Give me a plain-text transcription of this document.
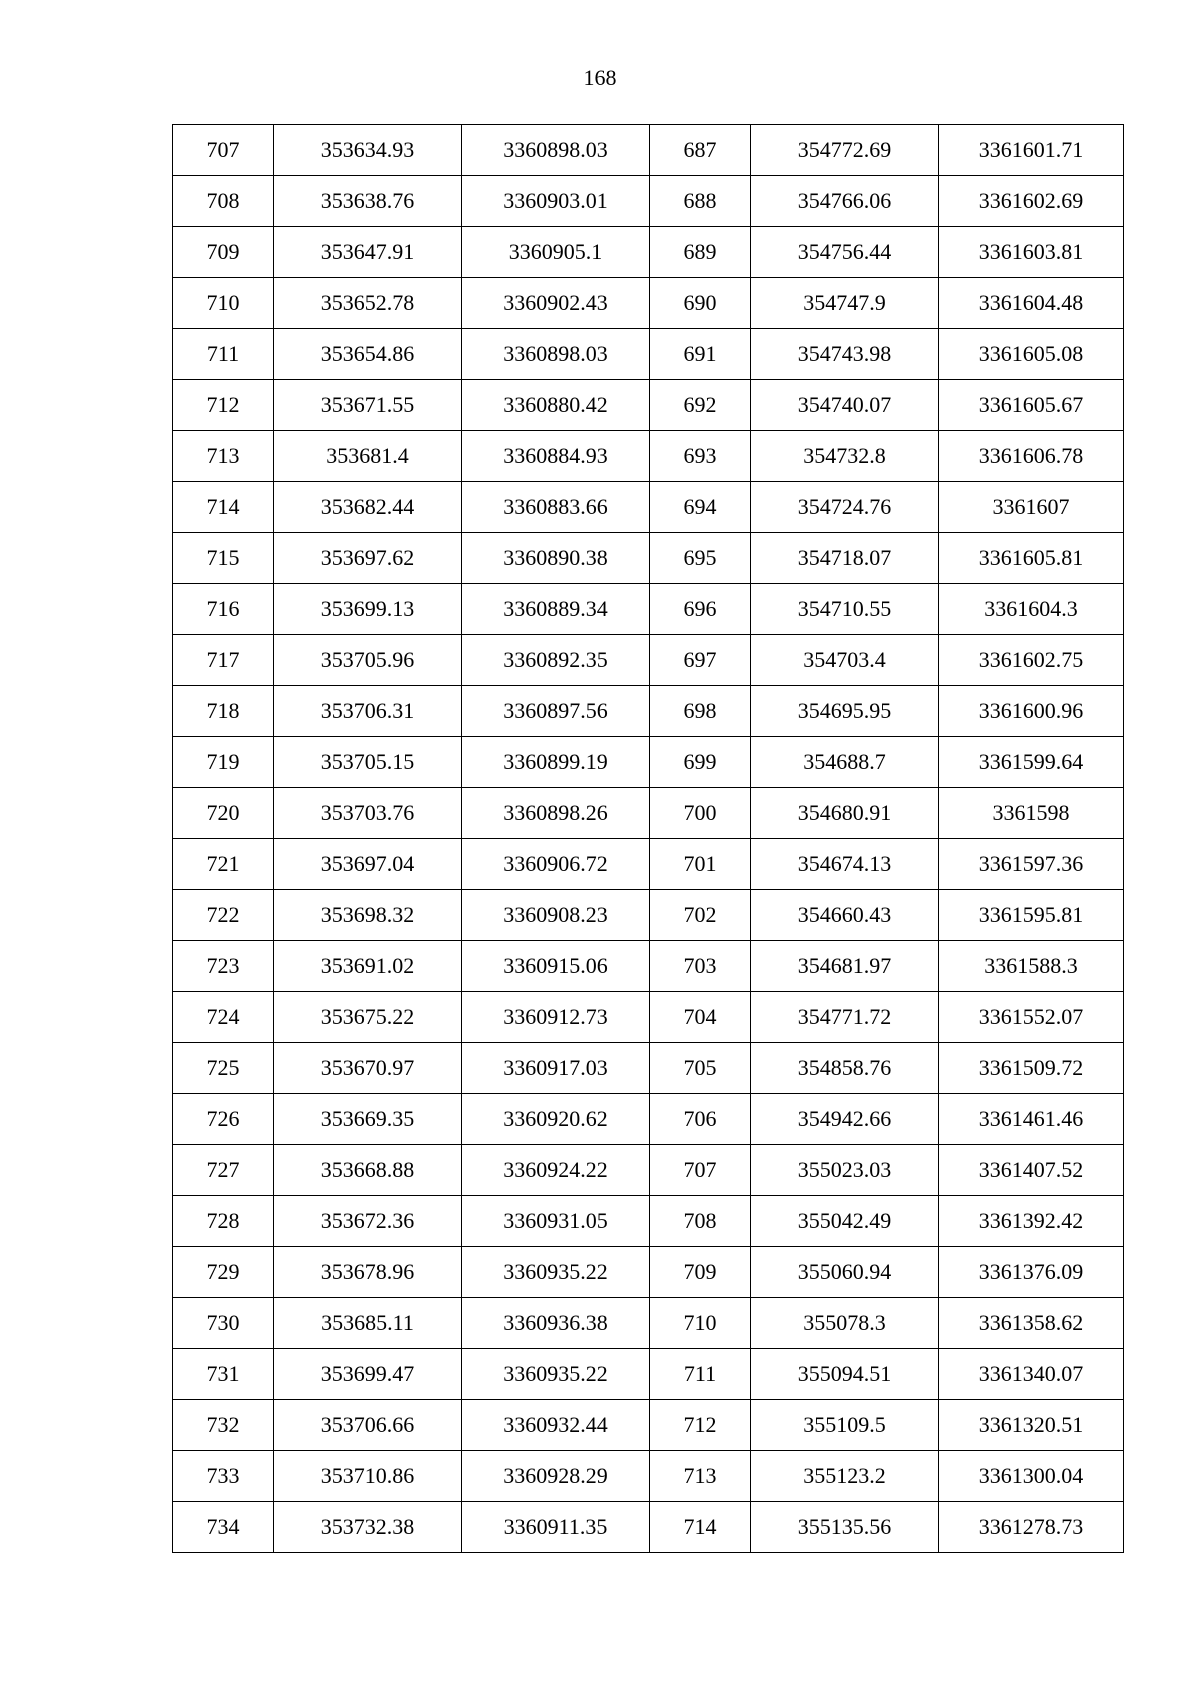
168
707	353634.93	3360898.03	687	354772.69	3361601.71
708	353638.76	3360903.01	688	354766.06	3361602.69
709	353647.91	3360905.1	689	354756.44	3361603.81
710	353652.78	3360902.43	690	354747.9	3361604.48
711	353654.86	3360898.03	691	354743.98	3361605.08
712	353671.55	3360880.42	692	354740.07	3361605.67
713	353681.4	3360884.93	693	354732.8	3361606.78
714	353682.44	3360883.66	694	354724.76	3361607
715	353697.62	3360890.38	695	354718.07	3361605.81
716	353699.13	3360889.34	696	354710.55	3361604.3
717	353705.96	3360892.35	697	354703.4	3361602.75
718	353706.31	3360897.56	698	354695.95	3361600.96
719	353705.15	3360899.19	699	354688.7	3361599.64
720	353703.76	3360898.26	700	354680.91	3361598
721	353697.04	3360906.72	701	354674.13	3361597.36
722	353698.32	3360908.23	702	354660.43	3361595.81
723	353691.02	3360915.06	703	354681.97	3361588.3
724	353675.22	3360912.73	704	354771.72	3361552.07
725	353670.97	3360917.03	705	354858.76	3361509.72
726	353669.35	3360920.62	706	354942.66	3361461.46
727	353668.88	3360924.22	707	355023.03	3361407.52
728	353672.36	3360931.05	708	355042.49	3361392.42
729	353678.96	3360935.22	709	355060.94	3361376.09
730	353685.11	3360936.38	710	355078.3	3361358.62
731	353699.47	3360935.22	711	355094.51	3361340.07
732	353706.66	3360932.44	712	355109.5	3361320.51
733	353710.86	3360928.29	713	355123.2	3361300.04
734	353732.38	3360911.35	714	355135.56	3361278.73
